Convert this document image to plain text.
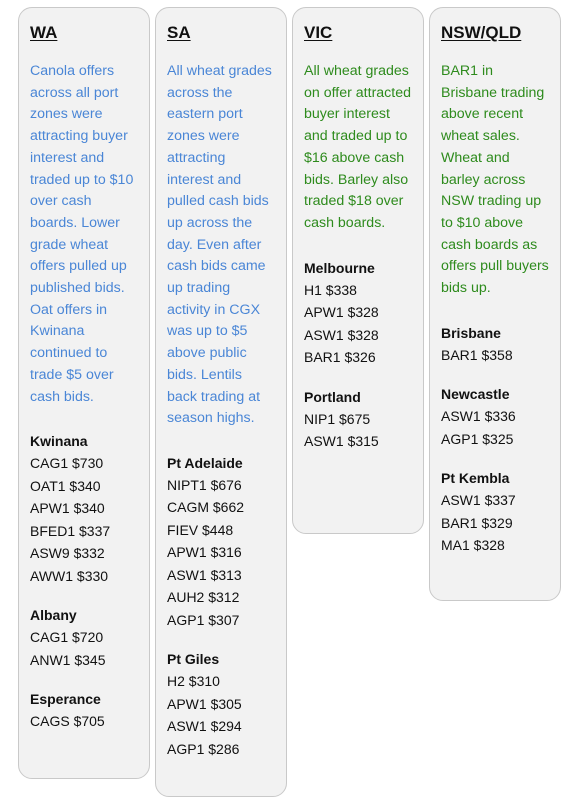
WA
Canola offers across all port zones were attracting buyer interest and traded up to $10 over cash boards. Lower grade wheat offers pulled up published bids. Oat offers in Kwinana continued to trade $5 over cash bids.
Kwinana
CAG1 $730
OAT1 $340
APW1 $340
BFED1 $337
ASW9 $332
AWW1 $330
Albany
CAG1 $720
ANW1 $345
Esperance
CAGS $705
SA
All wheat grades across the eastern port zones were attracting interest and pulled cash bids up across the day. Even after cash bids came up trading activity in CGX was up to $5 above public bids. Lentils back trading at season highs.
Pt Adelaide
NIPT1 $676
CAGM $662
FIEV $448
APW1 $316
ASW1 $313
AUH2 $312
AGP1 $307
Pt Giles
H2 $310
APW1 $305
ASW1 $294
AGP1 $286
VIC
All wheat grades on offer attracted buyer interest and traded up to $16 above cash bids. Barley also traded $18 over cash boards.
Melbourne
H1 $338
APW1 $328
ASW1 $328
BAR1 $326
Portland
NIP1 $675
ASW1 $315
NSW/QLD
BAR1 in Brisbane trading above recent wheat sales. Wheat and barley across NSW trading up to $10 above cash boards as offers pull buyers bids up.
Brisbane
BAR1 $358
Newcastle
ASW1 $336
AGP1 $325
Pt Kembla
ASW1 $337
BAR1 $329
MA1 $328
